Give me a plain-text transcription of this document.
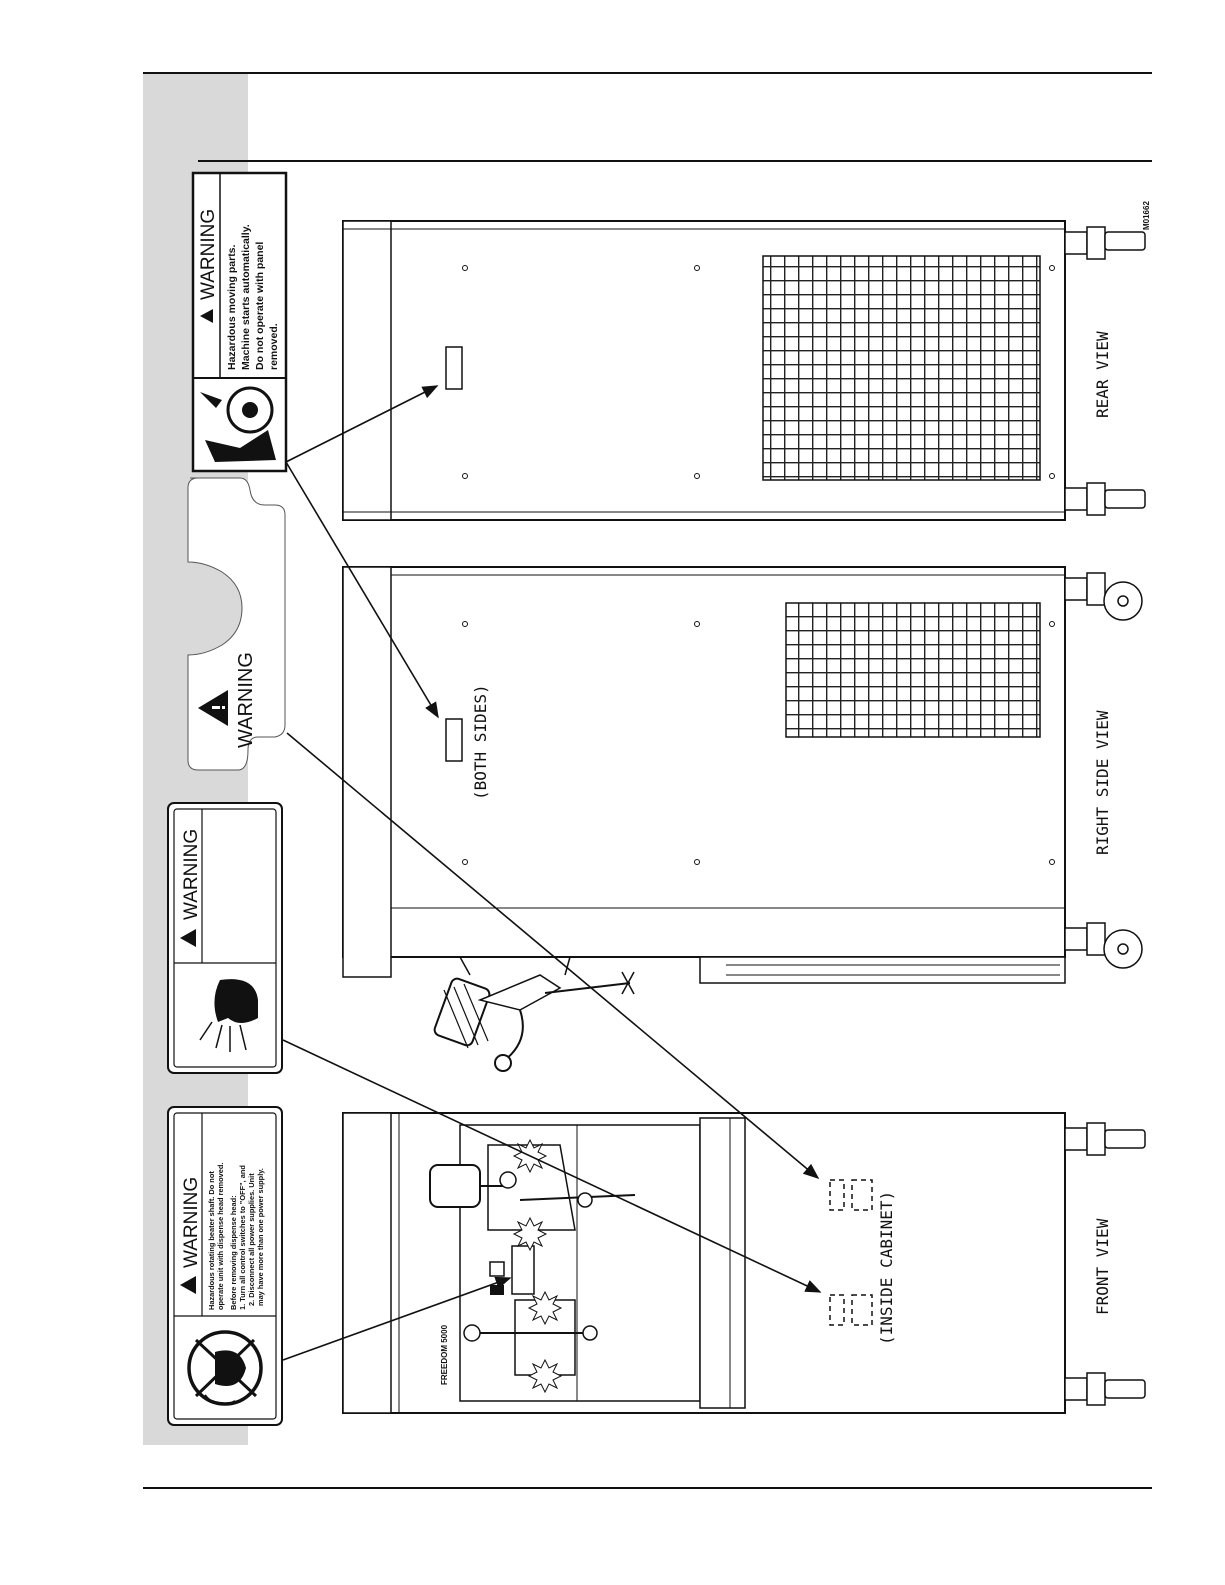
FREEDOM 5000
WARNING Hazardous moving parts. Machine starts automatically. Do not operate with panel removed.
WARNING
WARNING
WARNING Hazardous rotating beater shaft. Do not operate unit with dispense head removed. Before removing dispense head: 1. Turn all control switches to "OFF", and 2. Disconnect all power supplies. Unit may have more than one power supply.
(BOTH SIDES)
(INSIDE CABINET)
REAR VIEW
RIGHT SIDE VIEW
FRONT VIEW
M01662
